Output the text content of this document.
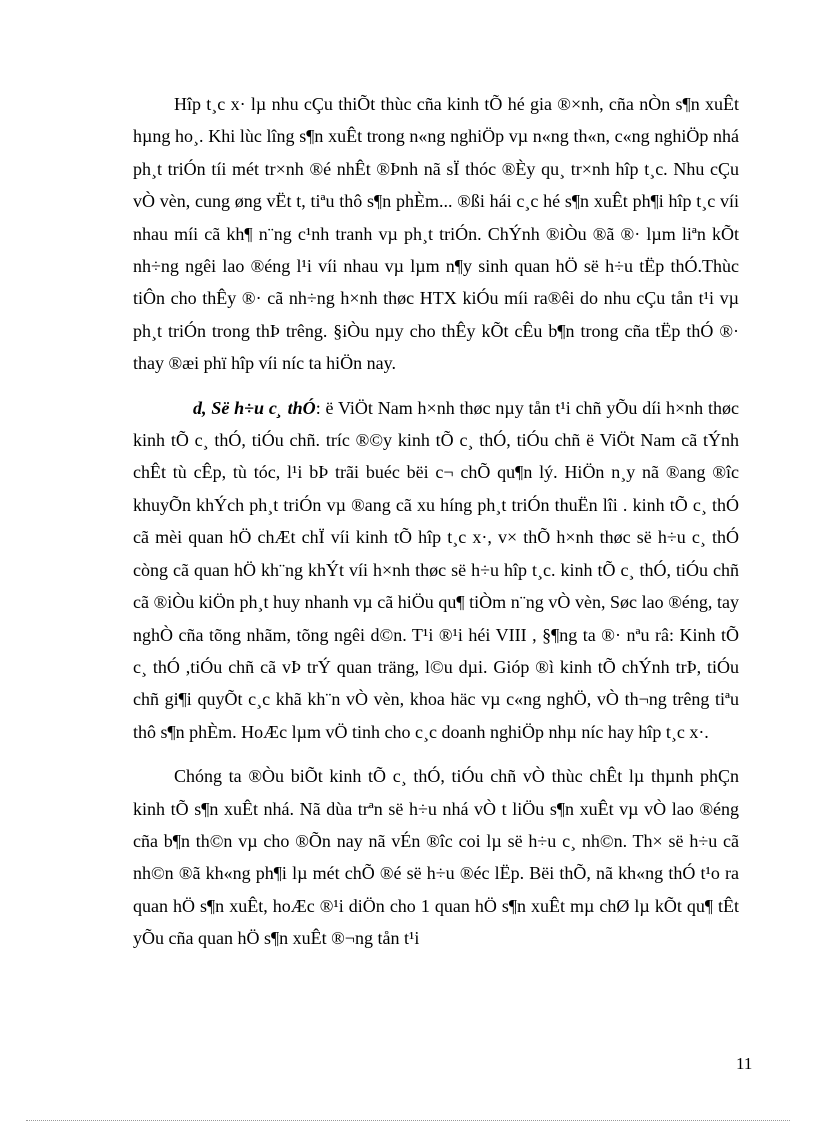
Hîp t¸c x· lµ nhu cÇu thiÕt thùc cña kinh tÕ hé gia ®×nh, cña nÒn s¶n xuÊt hµng ho¸. Khi lùc lîng s¶n xuÊt trong n«ng nghiÖp vµ n«ng th«n, c«ng nghiÖp nhá ph¸t triÓn tíi mét tr×nh ®é nhÊt ®Þnh nã sÏ thóc ®Èy qu¸ tr×nh hîp t¸c. Nhu cÇu vÒ vèn, cung øng vËt t, tiªu thô s¶n phÈm... ®ßi hái c¸c hé s¶n xuÊt ph¶i hîp t¸c víi nhau míi cã kh¶ n¨ng c¹nh tranh vµ ph¸t triÓn. ChÝnh ®iÒu ®ã ®· lµm liªn kÕt nh÷ng ngêi lao ®éng l¹i víi nhau vµ lµm n¶y sinh quan hÖ së h÷u tËp thÓ.Thùc tiÔn cho thÊy ®· cã nh÷ng h×nh thøc HTX kiÓu míi ra®êi do nhu cÇu tån t¹i vµ ph¸t triÓn trong thÞ trêng. §iÒu nµy cho thÊy kÕt cÊu b¶n trong cña tËp thÓ ®· thay ®æi phï hîp víi níc ta hiÖn nay.

d, Së h÷u c¸ thÓ: ë ViÖt Nam h×nh thøc nµy tån t¹i chñ yÕu díi h×nh thøc kinh tÕ c¸ thÓ, tiÓu chñ. tríc ®©y kinh tÕ c¸ thÓ, tiÓu chñ ë ViÖt Nam cã tÝnh chÊt tù cÊp, tù tóc, l¹i bÞ trãi buéc bëi c¬ chÕ qu¶n lý. HiÖn n¸y nã ®ang ®îc khuyÕn khÝch ph¸t triÓn vµ ®ang cã xu híng ph¸t triÓn thuËn lîi . kinh tÕ c¸ thÓ cã mèi quan hÖ chÆt chÏ víi kinh tÕ hîp t¸c x·, v× thÕ h×nh thøc së h÷u c¸ thÓ còng cã quan hÖ kh¨ng khÝt víi h×nh thøc së h÷u hîp t¸c. kinh tÕ c¸ thÓ, tiÓu chñ cã ®iÒu kiÖn ph¸t huy nhanh vµ cã hiÖu qu¶ tiÒm n¨ng vÒ vèn, Søc lao ®éng, tay nghÒ cña tõng nhãm, tõng ngêi d©n. T¹i ®¹i héi VIII , §¶ng ta ®· nªu râ: Kinh tÕ c¸ thÓ ,tiÓu chñ cã vÞ trÝ quan träng, l©u dµi. Gióp ®ì kinh tÕ chÝnh trÞ, tiÓu chñ gi¶i quyÕt c¸c khã kh¨n vÒ vèn, khoa häc vµ c«ng nghÖ, vÒ th¬ng trêng tiªu thô s¶n phÈm. HoÆc lµm vÖ tinh cho c¸c doanh nghiÖp nhµ níc hay hîp t¸c x·.

Chóng ta ®Òu biÕt kinh tÕ c¸ thÓ, tiÓu chñ vÒ thùc chÊt lµ thµnh phÇn kinh tÕ s¶n xuÊt nhá. Nã dùa trªn së h÷u nhá vÒ t liÖu s¶n xuÊt vµ vÒ lao ®éng cña b¶n th©n vµ cho ®Õn nay nã vÉn ®îc coi lµ së h÷u c¸ nh©n. Th× së h÷u cã nh©n ®ã kh«ng ph¶i lµ mét chÕ ®é së h÷u ®éc lËp. Bëi thÕ, nã kh«ng thÓ t¹o ra quan hÖ s¶n xuÊt, hoÆc ®¹i diÖn cho 1 quan hÖ s¶n xuÊt mµ chØ lµ kÕt qu¶ tÊt yÕu cña quan hÖ s¶n xuÊt ®¬ng tån t¹i

11
